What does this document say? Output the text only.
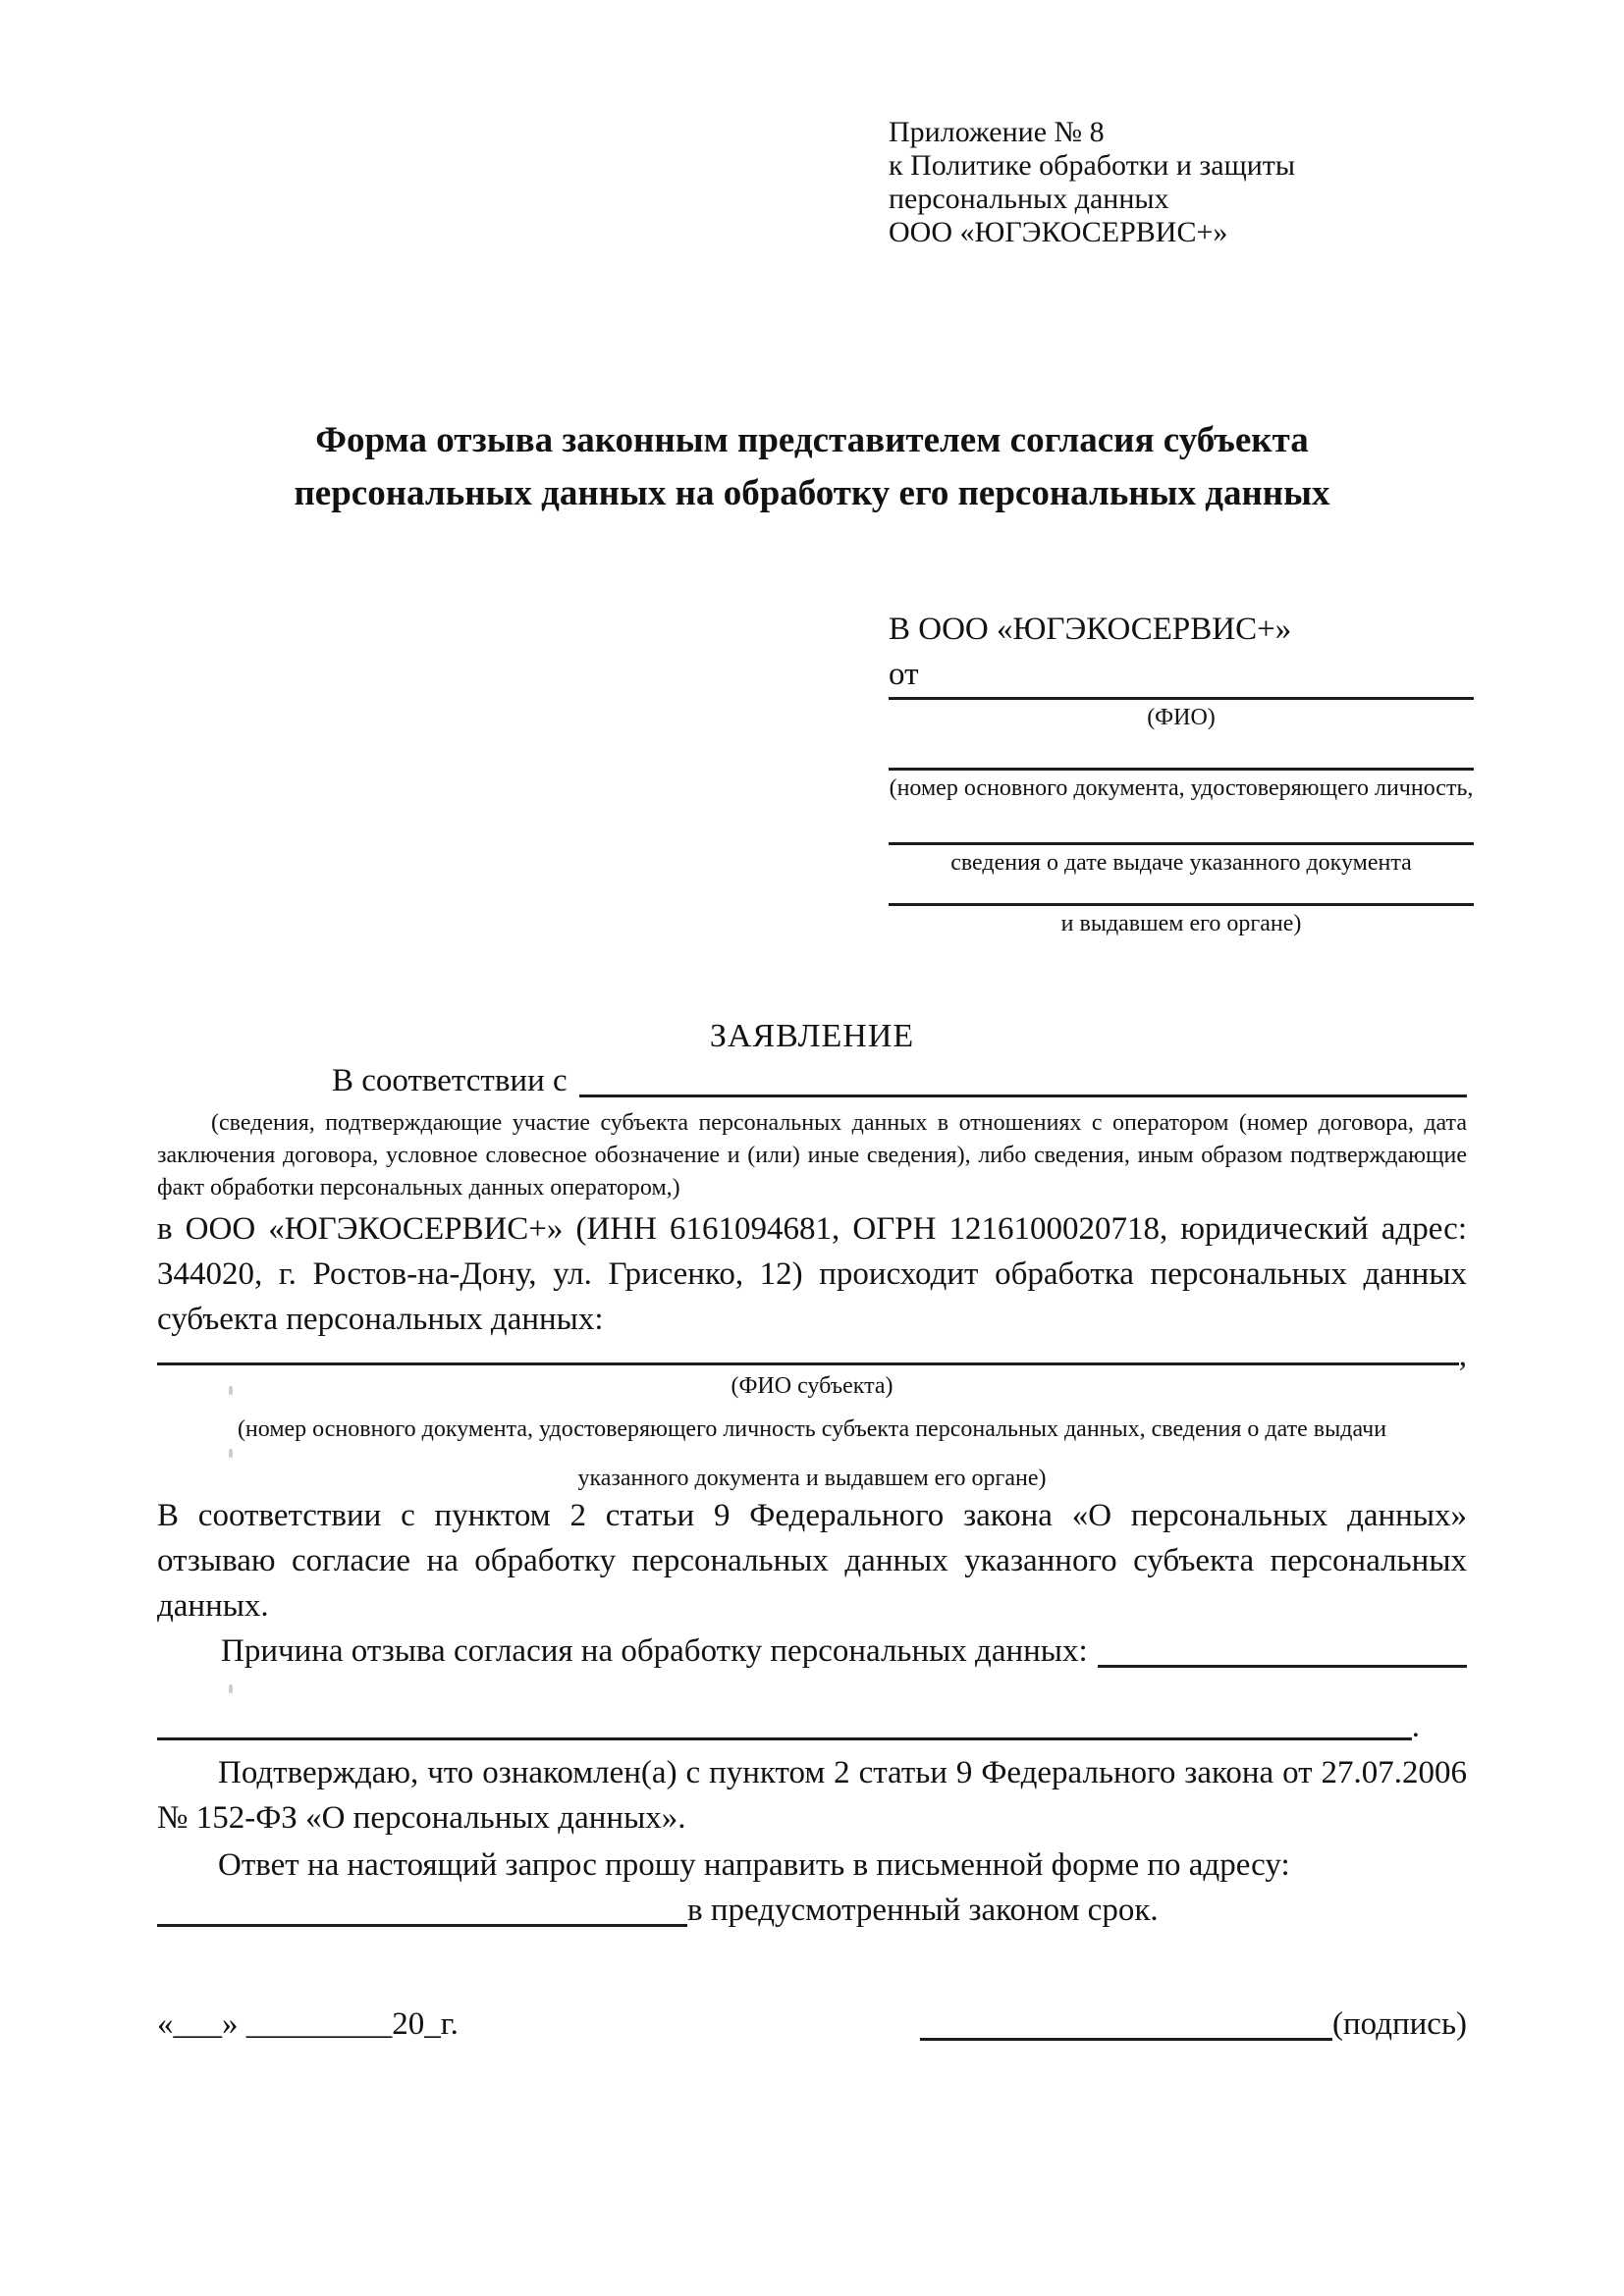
Приложение № 8
к Политике обработки и защиты
персональных данных
ООО «ЮГЭКОСЕРВИС+»
Форма отзыва законным представителем согласия субъекта персональных данных на обработку его персональных данных
В ООО «ЮГЭКОСЕРВИС+»
от
(ФИО)
(номер основного документа, удостоверяющего личность,
сведения о дате выдаче указанного документа
и выдавшем его органе)
ЗАЯВЛЕНИЕ
В соответствии с

(сведения, подтверждающие участие субъекта персональных данных в отношениях с оператором (номер договора, дата заключения договора, условное словесное обозначение и (или) иные сведения), либо сведения, иным образом подтверждающие факт обработки персональных данных оператором,)

в ООО «ЮГЭКОСЕРВИС+» (ИНН 6161094681, ОГРН 1216100020718, юридический адрес: 344020, г. Ростов-на-Дону, ул. Грисенко, 12) происходит обработка персональных данных субъекта персональных данных:

,
(ФИО субъекта)
(номер основного документа, удостоверяющего личность субъекта персональных данных, сведения о дате выдачи
указанного документа и выдавшем его органе)

В соответствии с пунктом 2 статьи 9 Федерального закона «О персональных данных» отзываю согласие на обработку персональных данных указанного субъекта персональных данных.

Причина отзыва согласия на обработку персональных данных:
.

Подтверждаю, что ознакомлен(а) с пунктом 2 статьи 9 Федерального закона от 27.07.2006 № 152-ФЗ «О персональных данных».

Ответ на настоящий запрос прошу направить в письменной форме по адресу:

в предусмотренный законом срок.
«___» _________20_г.	(подпись)
